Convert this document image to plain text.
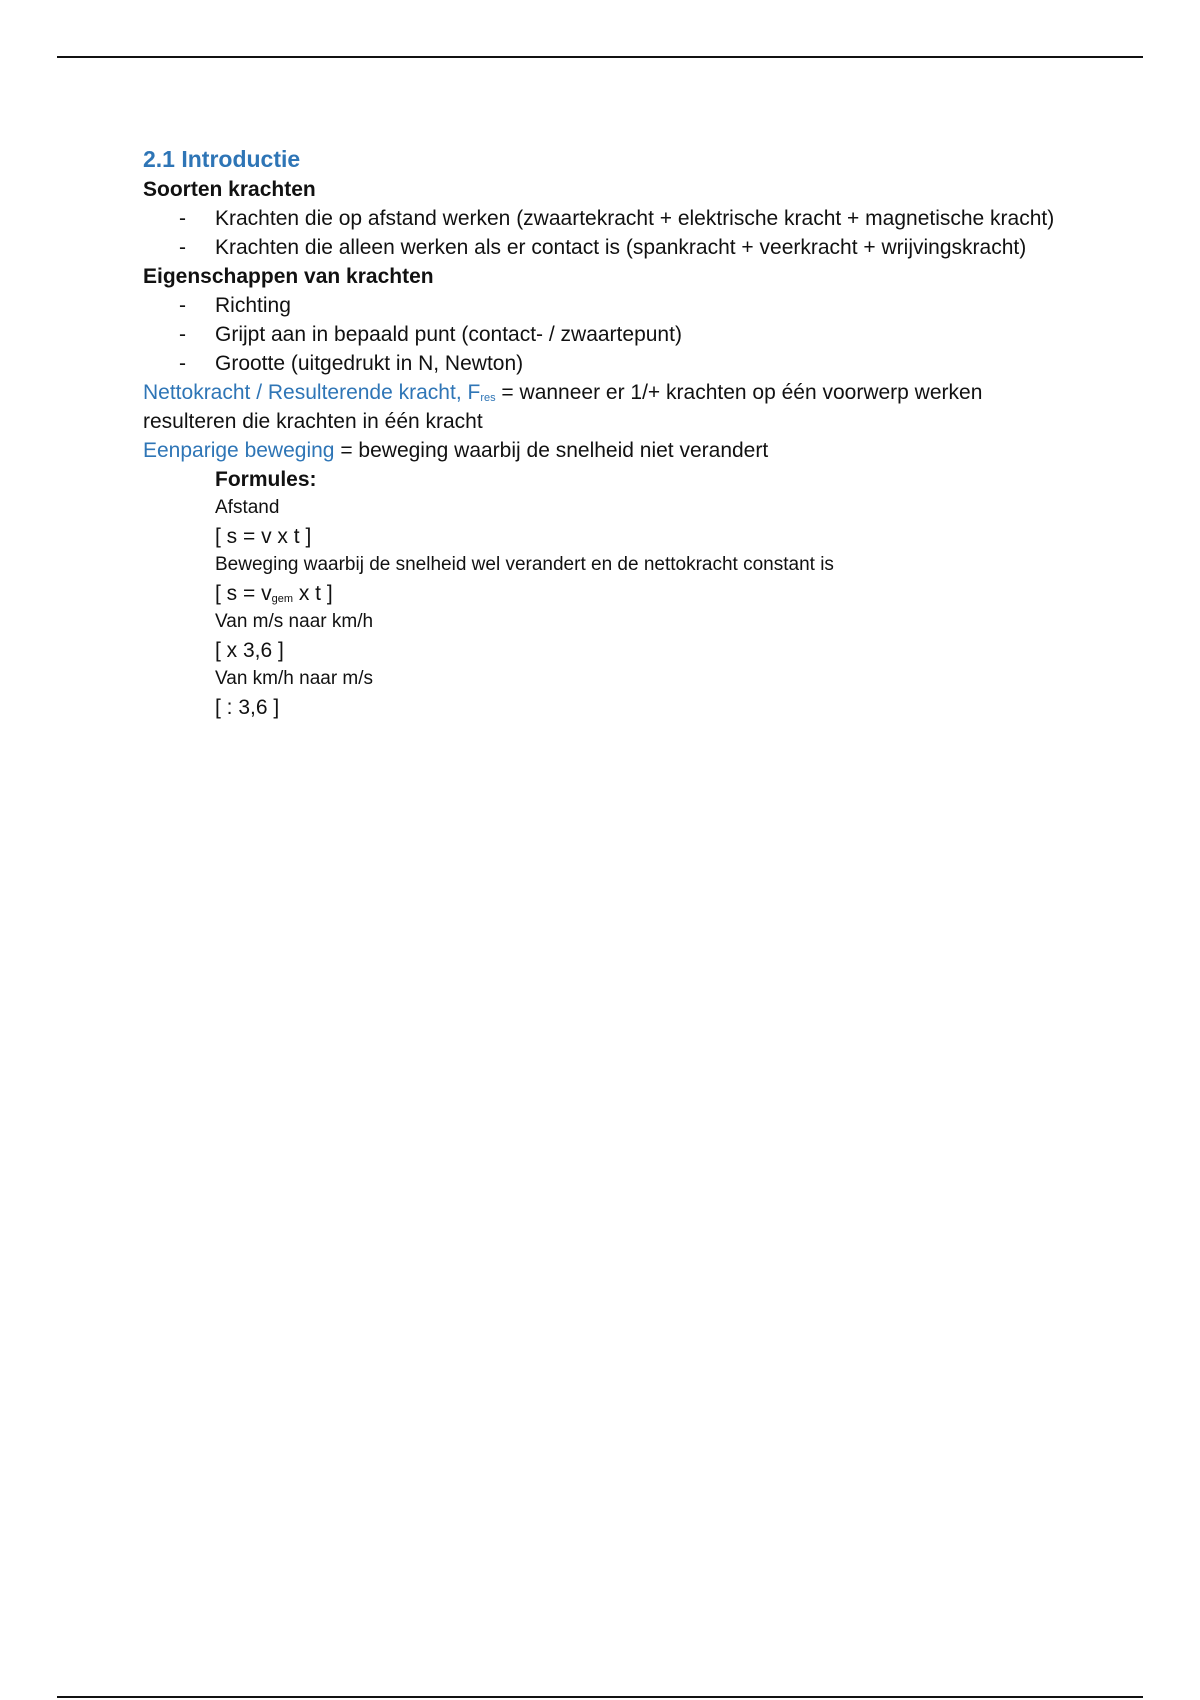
2.1 Introductie

Soorten krachten

- Krachten die op afstand werken (zwaartekracht + elektrische kracht + magnetische kracht)
- Krachten die alleen werken als er contact is (spankracht + veerkracht + wrijvingskracht)

Eigenschappen van krachten

- Richting
- Grijpt aan in bepaald punt (contact- / zwaartepunt)
- Grootte (uitgedrukt in N, Newton)

Nettokracht / Resulterende kracht, $F_{res}$ = wanneer er 1/+ krachten op één voorwerp werken resulteren die krachten in één kracht

Eenparige beweging = beweging waarbij de snelheid niet verandert

Formules:
Afstand
[ s = v x t ]
Beweging waarbij de snelheid wel verandert en de nettokracht constant is
[ $s = v_{gem}$ x t ]
Van m/s naar km/h
[ x 3,6 ]
Van km/h naar m/s
[ : 3,6 ]
